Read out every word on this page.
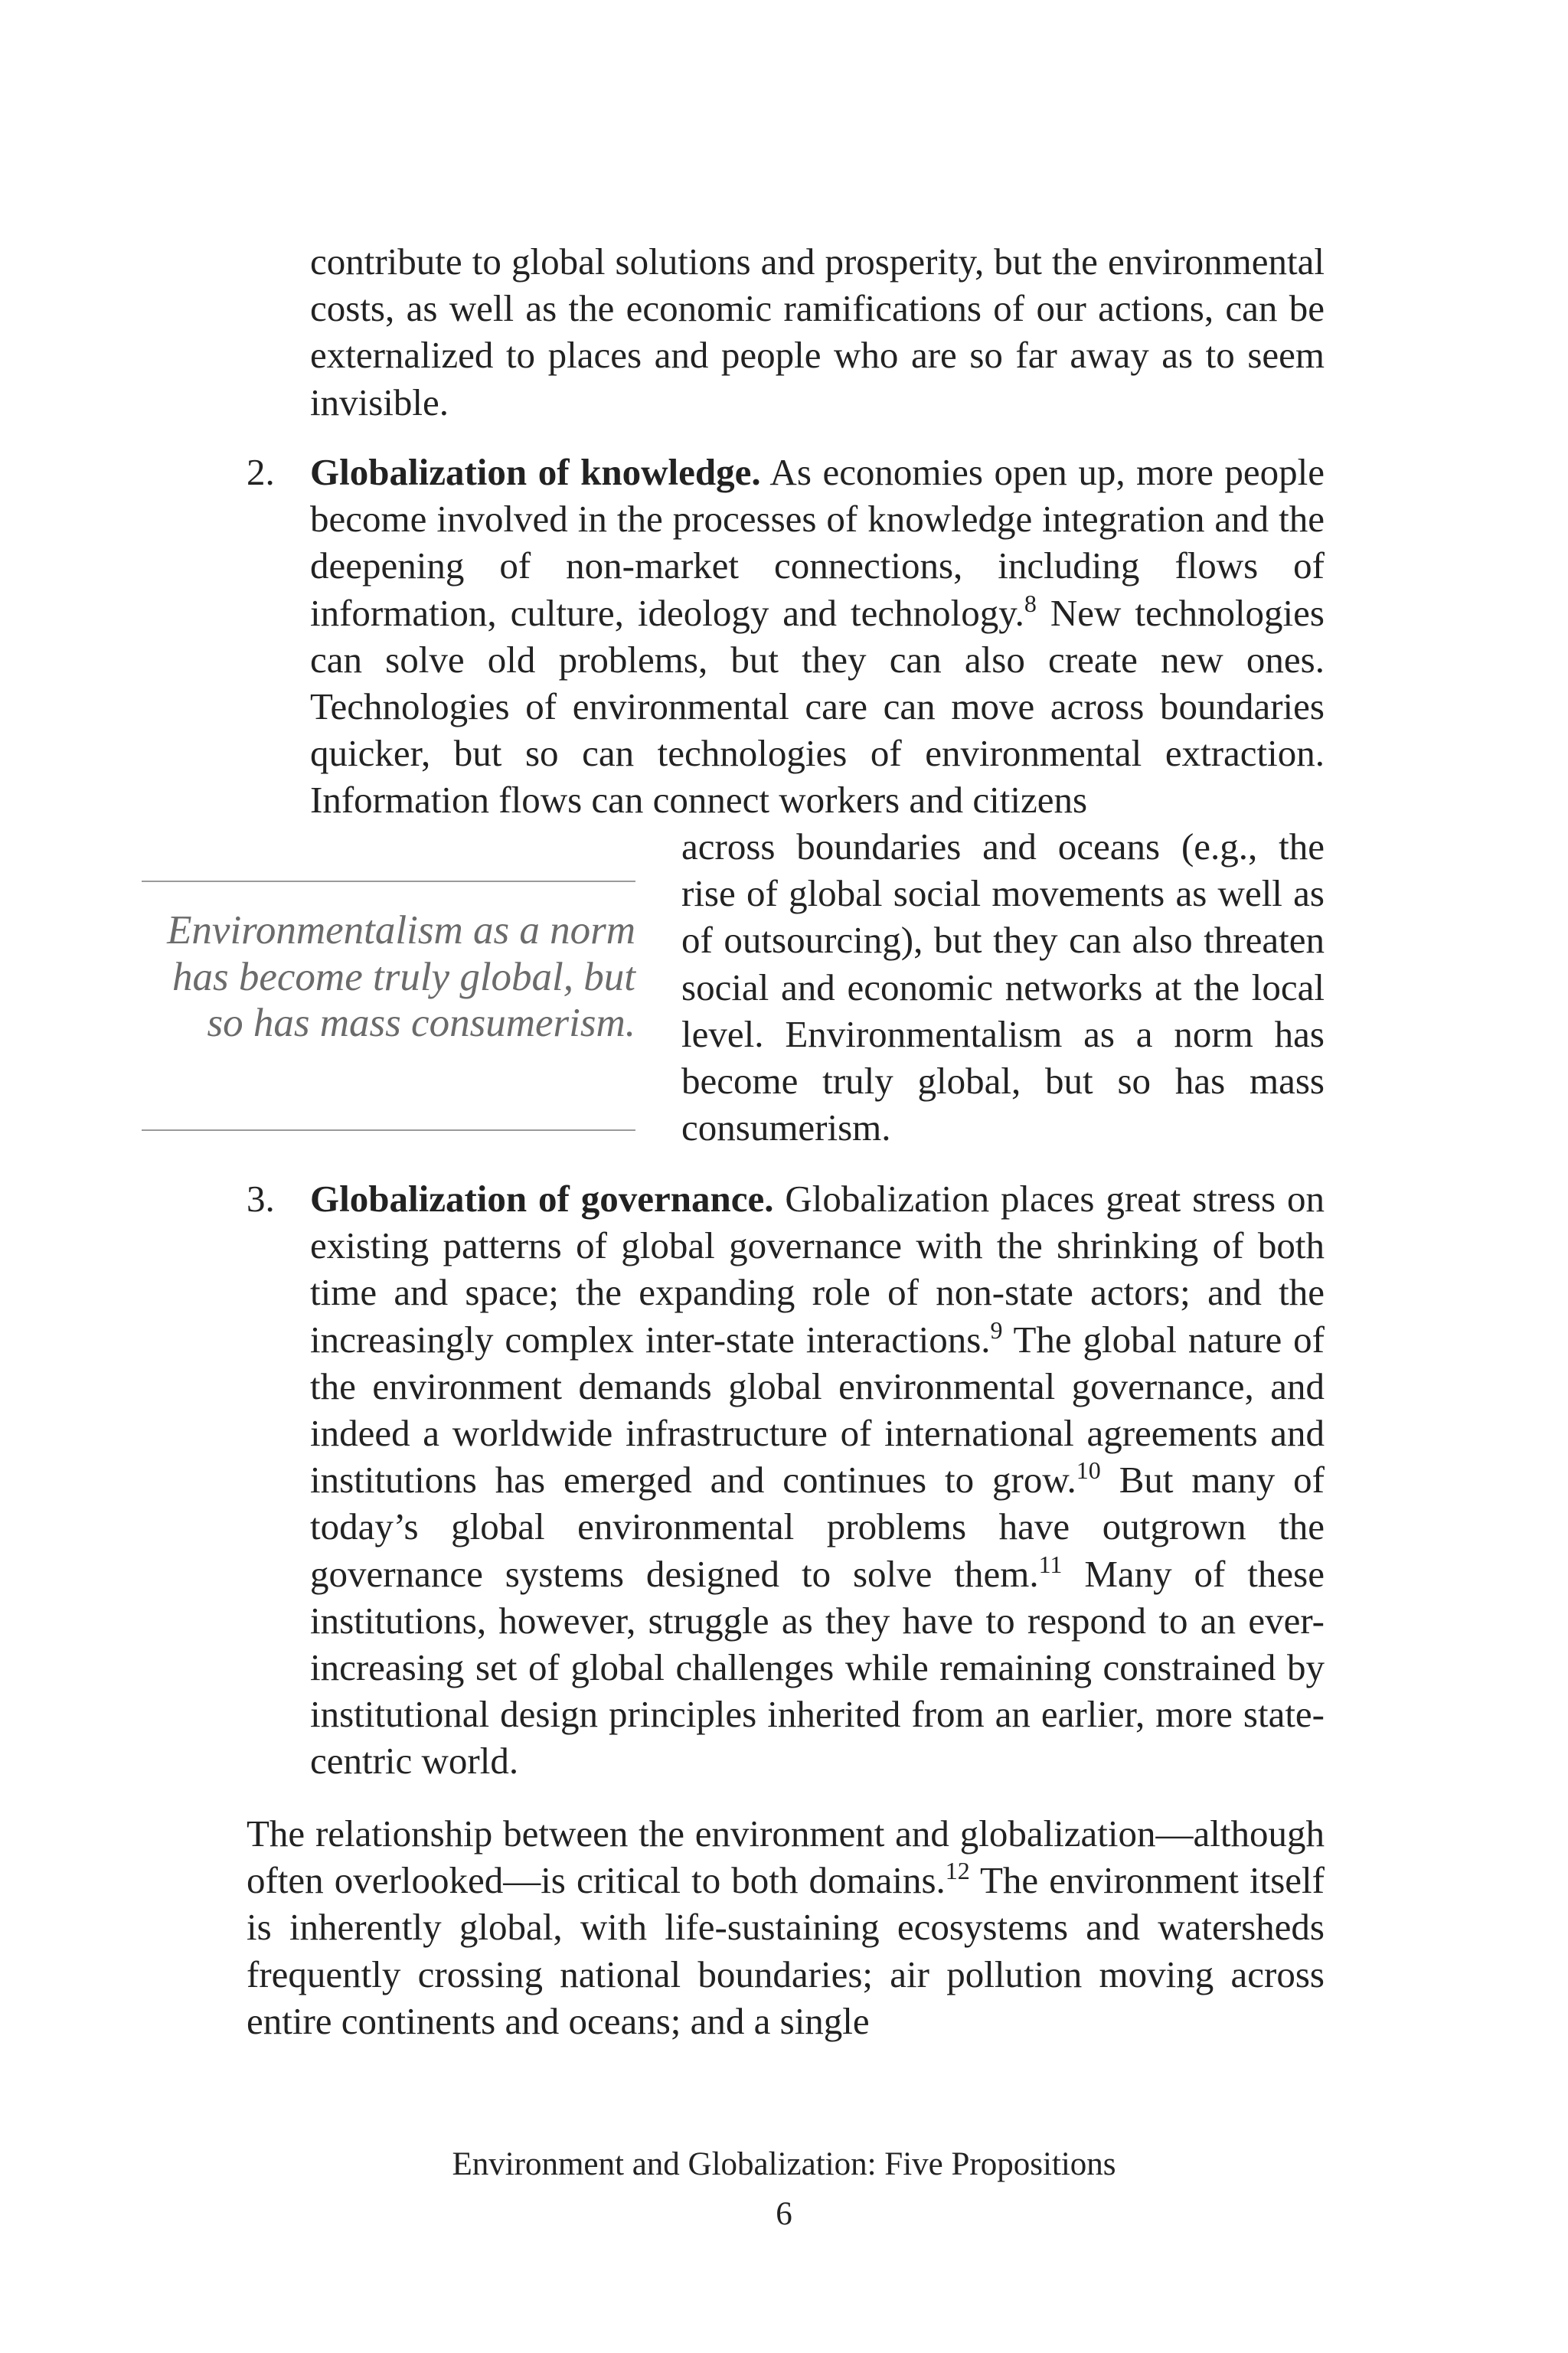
contribute to global solutions and prosperity, but the environmental costs, as well as the economic ramifications of our actions, can be externalized to places and people who are so far away as to seem invisible.

2. Globalization of knowledge. As economies open up, more people become involved in the processes of knowledge integration and the deepening of non-market connections, including flows of information, culture, ideology and technology.$^8$ New technologies can solve old problems, but they can also create new ones. Technologies of environmental care can move across boundaries quicker, but so can technologies of environmental extraction. Information flows can connect workers and citizens

across boundaries and oceans (e.g., the rise of global social movements as well as of outsourcing), but they can also threaten social and economic networks at the local level. Environmentalism as a norm has become truly global, but so has mass consumerism.

Environmentalism as a norm has become truly global, but so has mass consumerism.
3. Globalization of governance. Globalization places great stress on existing patterns of global governance with the shrinking of both time and space; the expanding role of non-state actors; and the increasingly complex inter-state interactions.$^9$ The global nature of the environment demands global environmental governance, and indeed a worldwide infrastructure of international agreements and institutions has emerged and continues to grow.$^{10}$ But many of today’s global environmental problems have outgrown the governance systems designed to solve them.$^{11}$ Many of these institutions, however, struggle as they have to respond to an ever-increasing set of global challenges while remaining constrained by institutional design principles inherited from an earlier, more state-centric world.

The relationship between the environment and globalization—although often overlooked—is critical to both domains.$^{12}$ The environment itself is inherently global, with life-sustaining ecosystems and watersheds frequently crossing national boundaries; air pollution moving across entire continents and oceans; and a single

Environment and Globalization: Five Propositions
6
